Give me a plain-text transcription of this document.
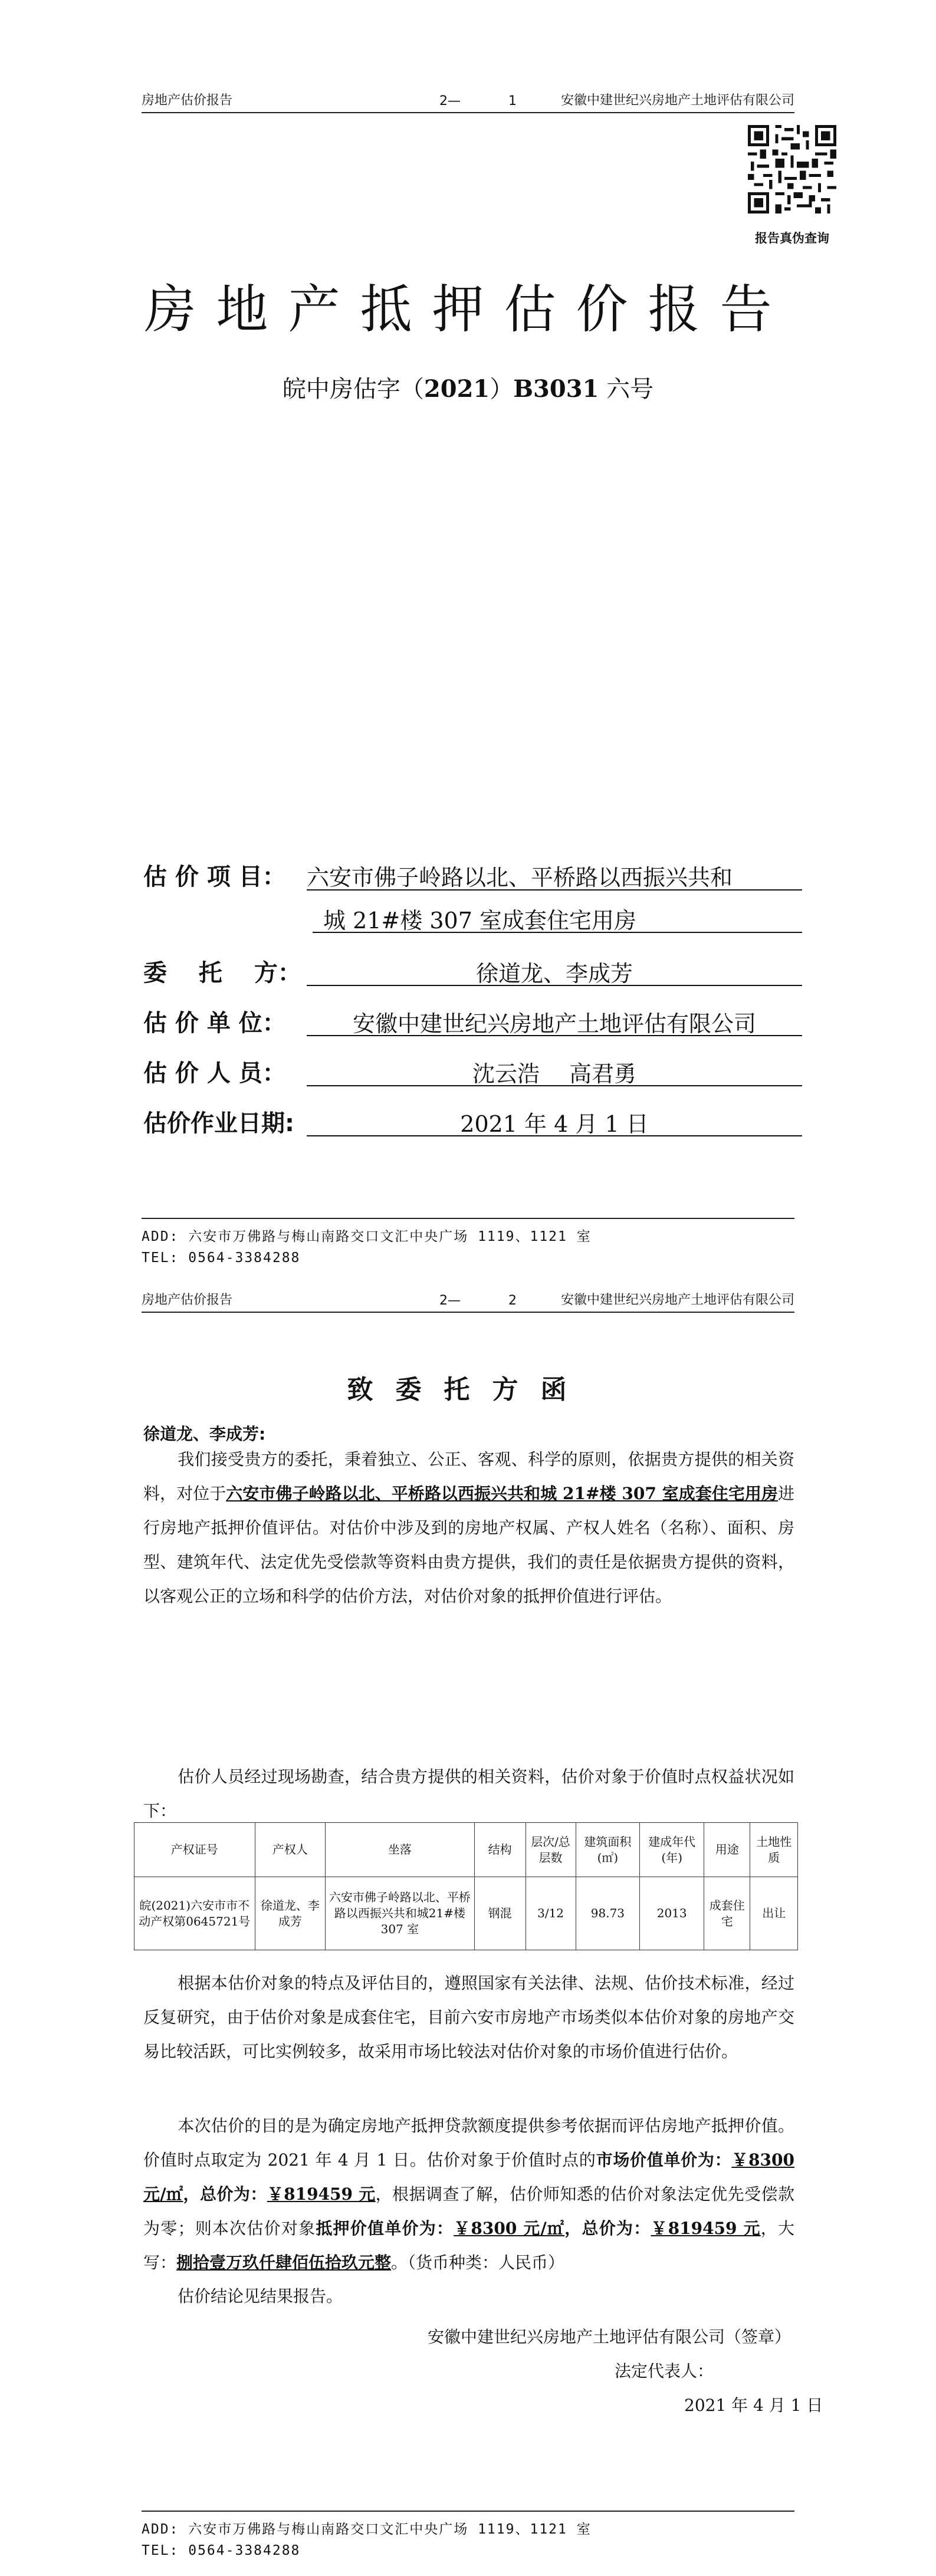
房地产估价报告	2—	1	安徽中建世纪兴房地产土地评估有限公司
报告真伪查询
房地产抵押估价报告
皖中房估字（2021）B3031 六号
估 价 项 目： 六安市佛子岭路以北、平桥路以西振兴共和
城 21#楼 307 室成套住宅用房
委　 托 　方：	徐道龙、李成芳
估 价 单 位：	安徽中建世纪兴房地产土地评估有限公司
估 价 人 员：	沈云浩　 高君勇
估价作业日期:	2021 年 4 月 1 日
ADD: 六安市万佛路与梅山南路交口文汇中央广场 1119、1121 室
TEL: 0564-3384288
房地产估价报告	2—	2	安徽中建世纪兴房地产土地评估有限公司
致委托方函
徐道龙、李成芳:
我们接受贵方的委托，秉着独立、公正、客观、科学的原则，依据贵方提供的相关资料，对位于六安市佛子岭路以北、平桥路以西振兴共和城 21#楼 307 室成套住宅用房进行房地产抵押价值评估。对估价中涉及到的房地产权属、产权人姓名（名称）、面积、房型、建筑年代、法定优先受偿款等资料由贵方提供，我们的责任是依据贵方提供的资料，以客观公正的立场和科学的估价方法，对估价对象的抵押价值进行评估。
估价人员经过现场勘查，结合贵方提供的相关资料，估价对象于价值时点权益状况如下：
产权证号	产权人	坐落	结构	层次/总层数	建筑面积(㎡)	建成年代(年)	用途	土地性质
皖(2021)六安市市不动产权第0645721号	徐道龙、李成芳	六安市佛子岭路以北、平桥路以西振兴共和城21#楼 307 室	钢混	3/12	98.73	2013	成套住宅	出让
根据本估价对象的特点及评估目的，遵照国家有关法律、法规、估价技术标准，经过反复研究，由于估价对象是成套住宅，目前六安市房地产市场类似本估价对象的房地产交易比较活跃，可比实例较多，故采用市场比较法对估价对象的市场价值进行估价。
本次估价的目的是为确定房地产抵押贷款额度提供参考依据而评估房地产抵押价值。价值时点取定为 2021 年 4 月 1 日。估价对象于价值时点的市场价值单价为：￥8300 元/㎡，总价为：￥819459 元，根据调查了解，估价师知悉的估价对象法定优先受偿款为零；则本次估价对象抵押价值单价为：￥8300 元/㎡，总价为：￥819459 元，大写：捌拾壹万玖仟肆佰伍拾玖元整。（货币种类：人民币）
估价结论见结果报告。
安徽中建世纪兴房地产土地评估有限公司（签章）
法定代表人：
2021 年 4 月 1 日
ADD: 六安市万佛路与梅山南路交口文汇中央广场 1119、1121 室
TEL: 0564-3384288
